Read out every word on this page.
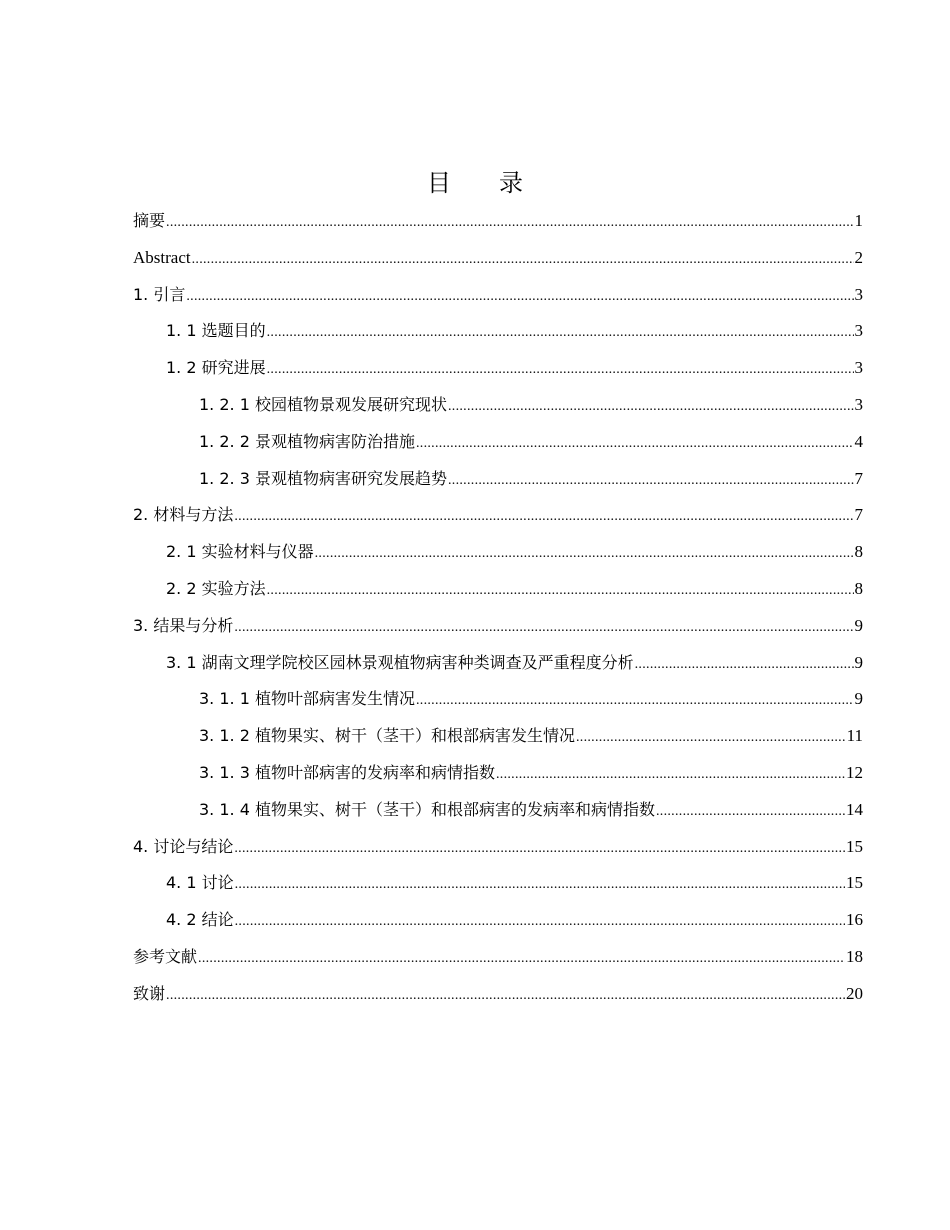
目 录
摘要 .....	1
Abstract .....	2
1. 引言 .....	3
1. 1 选题目的 .....	3
1. 2 研究进展 .....	3
1. 2. 1 校园植物景观发展研究现状 .....	3
1. 2. 2 景观植物病害防治措施 .....	4
1. 2. 3 景观植物病害研究发展趋势 .....	7
2. 材料与方法 .....	7
2. 1 实验材料与仪器 .....	8
2. 2 实验方法 .....	8
3. 结果与分析 .....	9
3. 1 湖南文理学院校区园林景观植物病害种类调查及严重程度分析 .....	9
3. 1. 1 植物叶部病害发生情况 .....	9
3. 1. 2 植物果实、树干（茎干）和根部病害发生情况 .....	11
3. 1. 3 植物叶部病害的发病率和病情指数 .....	12
3. 1. 4 植物果实、树干（茎干）和根部病害的发病率和病情指数 .....	14
4. 讨论与结论 .....	15
4. 1 讨论 .....	15
4. 2 结论 .....	16
参考文献 .....	18
致谢 .....	20
